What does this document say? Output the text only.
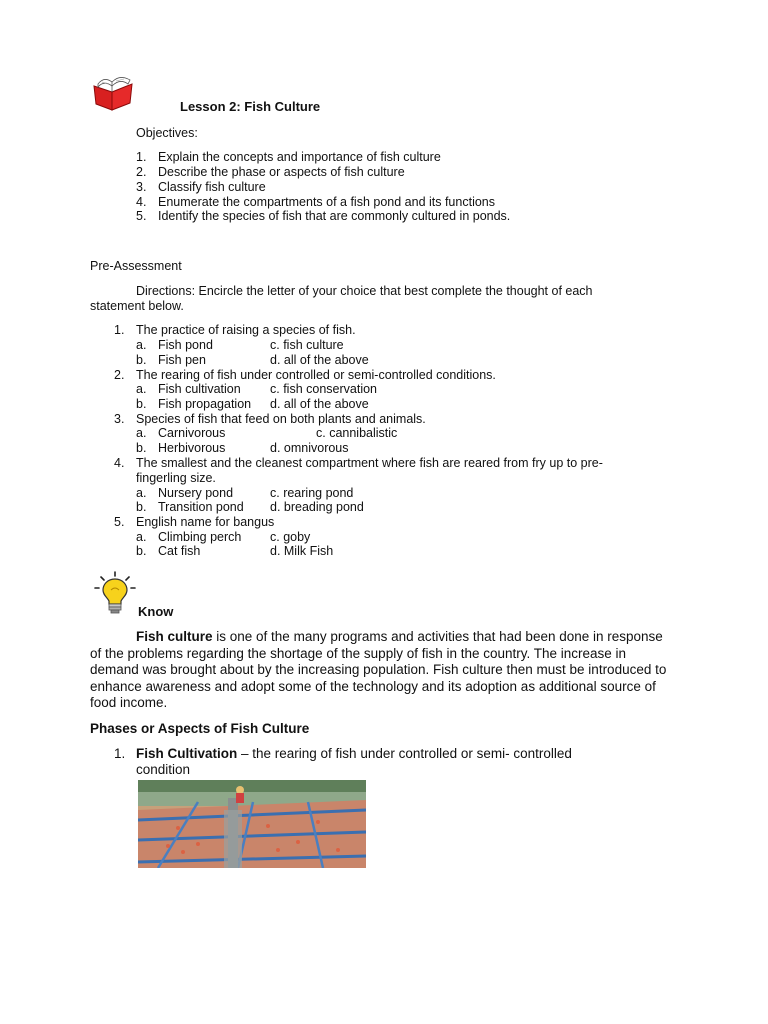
Lesson 2: Fish Culture
Objectives:
1. Explain the concepts and importance of fish culture
2. Describe the phase or aspects of fish culture
3. Classify fish culture
4. Enumerate the compartments of a fish pond and its functions
5. Identify the species of fish that are commonly cultured in ponds.
Pre-Assessment
Directions: Encircle the letter of your choice that best complete the thought of each
statement below.
1. The practice of raising a species of fish.
a. Fish pond	c. fish culture
b. Fish pen	d. all of the above
2. The rearing of fish under controlled or semi-controlled conditions.
a. Fish cultivation c. fish conservation
b. Fish propagation d. all of the above
3. Species of fish that feed on both plants and animals.
a. Carnivorous	c. cannibalistic
b. Herbivorous	d. omnivorous
4. The smallest and the cleanest compartment where fish are reared from fry up to pre-
fingerling size.
a. Nursery pond	c. rearing pond
b. Transition pond d. breading pond
5. English name for bangus
a. Climbing perch c. goby
b. Cat fish	d. Milk Fish
Know

Fish culture is one of the many programs and activities that had been done in response of the problems regarding the shortage of the supply of fish in the country. The increase in demand was brought about by the increasing population. Fish culture then must be introduced to enhance awareness and adopt some of the technology and its adoption as additional source of food income.

Phases or Aspects of Fish Culture
1. Fish Cultivation – the rearing of fish under controlled or semi- controlled
condition
